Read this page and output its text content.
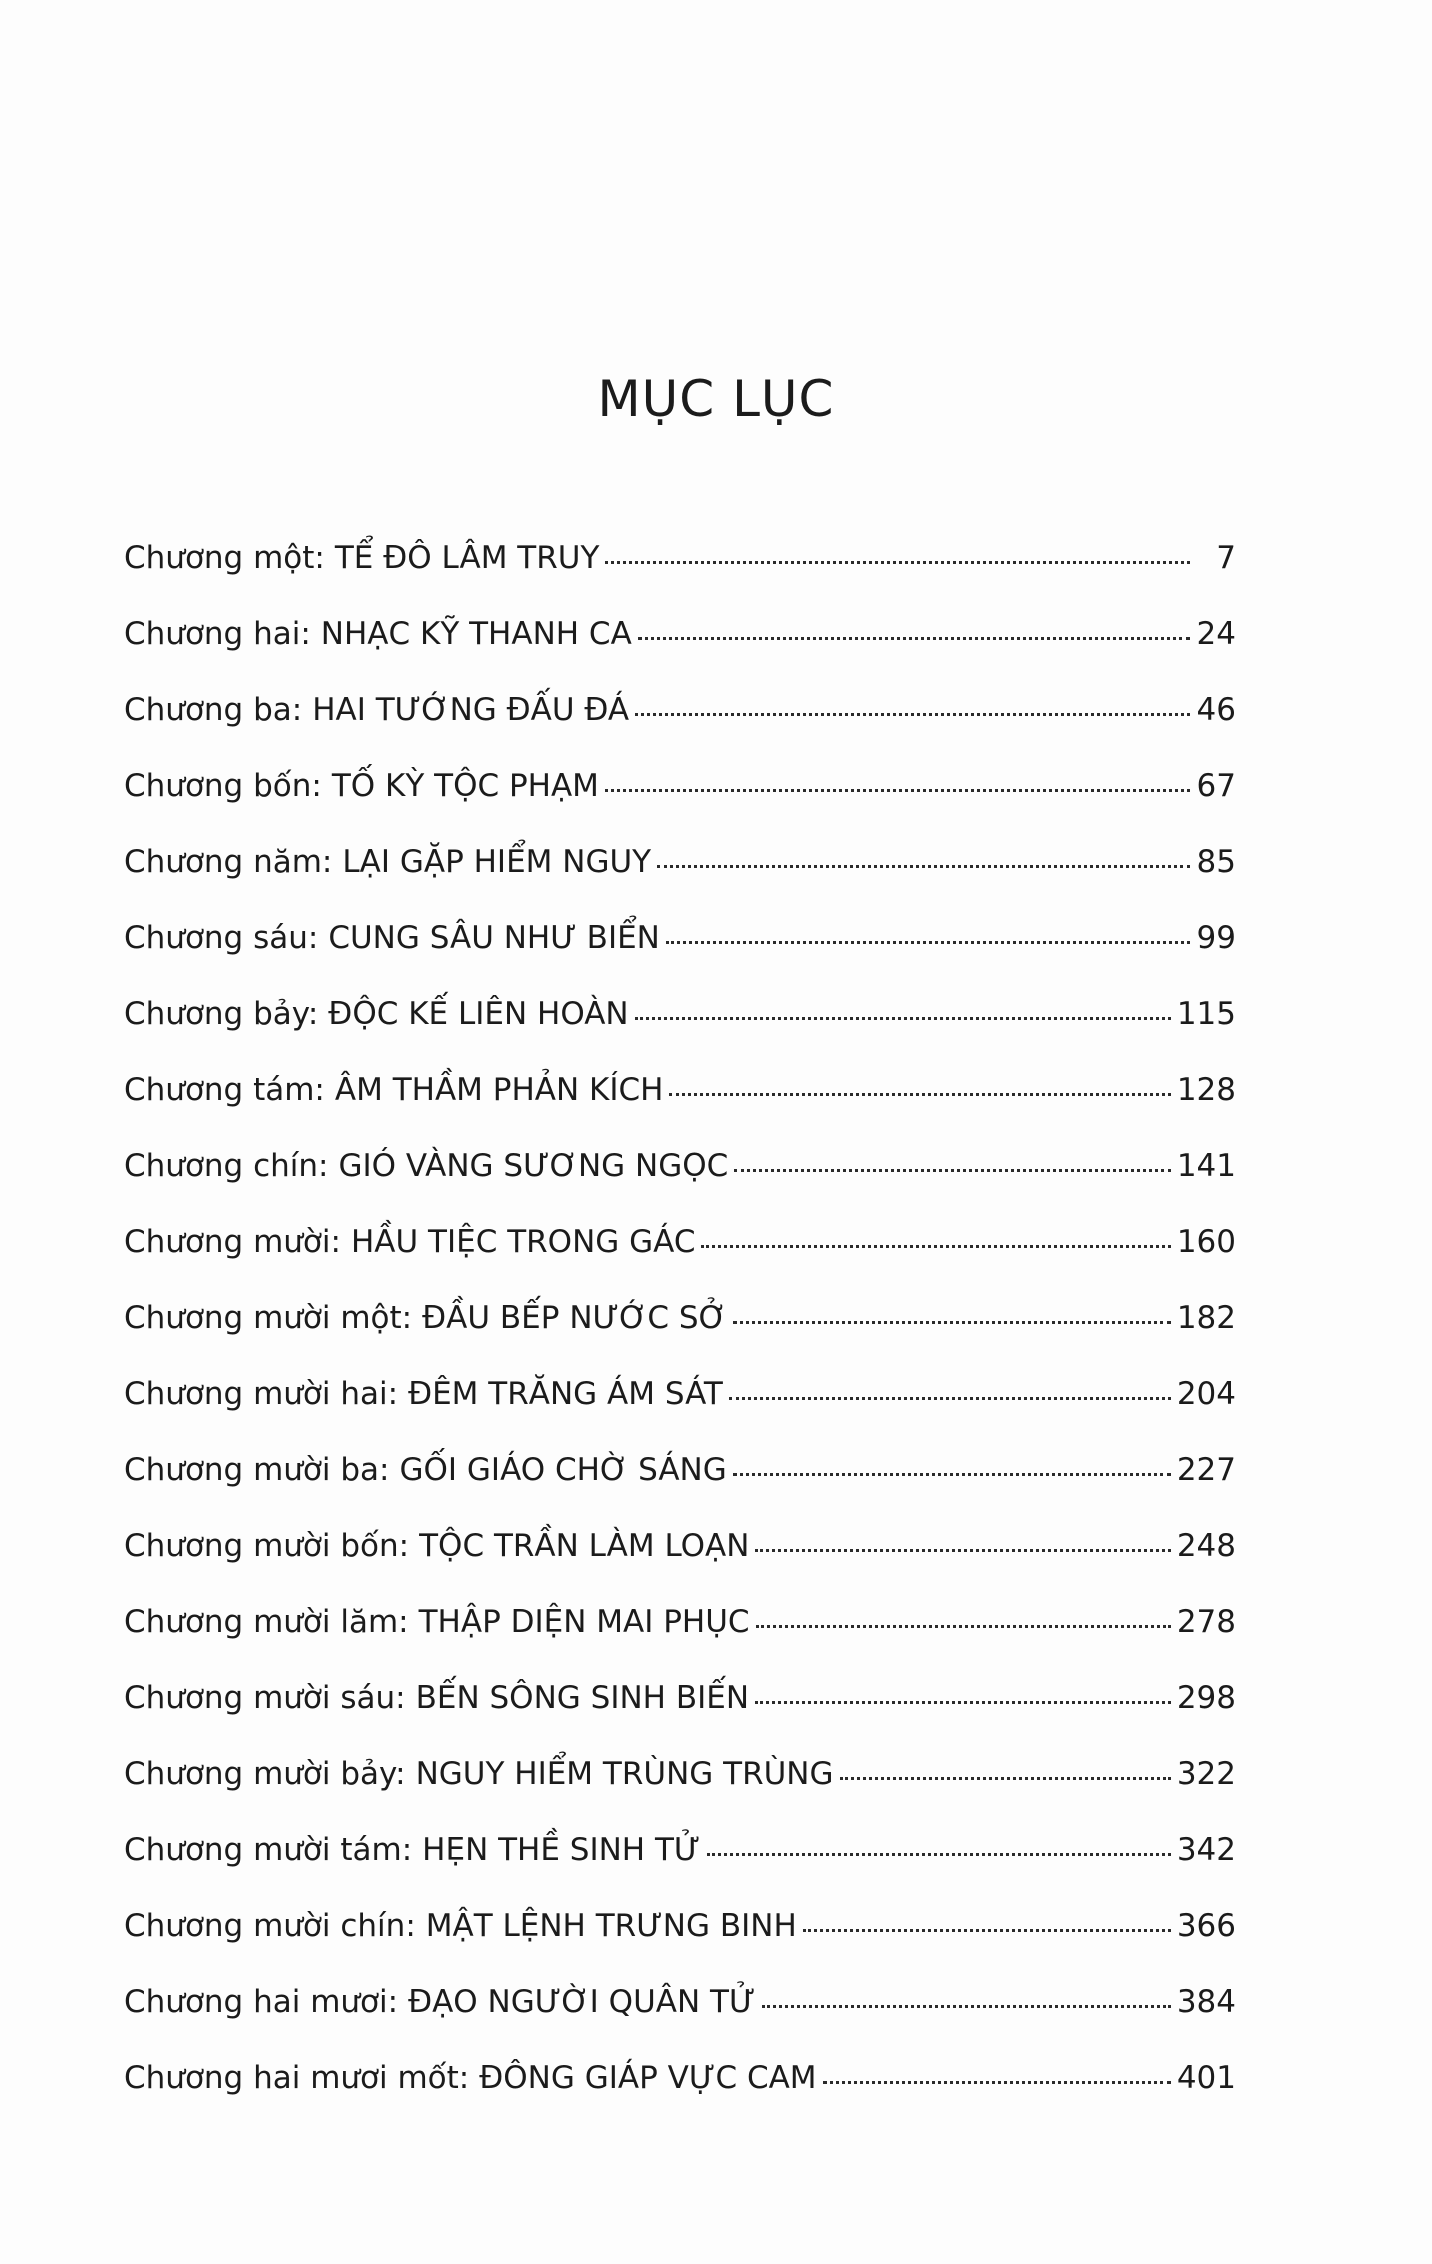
MỤC LỤC
Chương một: TỂ ĐÔ LÂM TRUY	7
Chương hai: NHẠC KỸ THANH CA	24
Chương ba: HAI TƯỚNG ĐẤU ĐÁ	46
Chương bốn: TỐ KỲ TỘC PHẠM	67
Chương năm: LẠI GẶP HIỂM NGUY	85
Chương sáu: CUNG SÂU NHƯ BIỂN	99
Chương bảy: ĐỘC KẾ LIÊN HOÀN	115
Chương tám: ÂM THẦM PHẢN KÍCH	128
Chương chín: GIÓ VÀNG SƯƠNG NGỌC	141
Chương mười: HẦU TIỆC TRONG GÁC	160
Chương mười một: ĐẦU BẾP NƯỚC SỞ	182
Chương mười hai: ĐÊM TRĂNG ÁM SÁT	204
Chương mười ba: GỐI GIÁO CHỜ SÁNG	227
Chương mười bốn: TỘC TRẦN LÀM LOẠN	248
Chương mười lăm: THẬP DIỆN MAI PHỤC	278
Chương mười sáu: BẾN SÔNG SINH BIẾN	298
Chương mười bảy: NGUY HIỂM TRÙNG TRÙNG	322
Chương mười tám: HẸN THỀ SINH TỬ	342
Chương mười chín: MẬT LỆNH TRƯNG BINH	366
Chương hai mươi: ĐẠO NGƯỜI QUÂN TỬ	384
Chương hai mươi mốt: ĐÔNG GIÁP VỰC CAM	401
